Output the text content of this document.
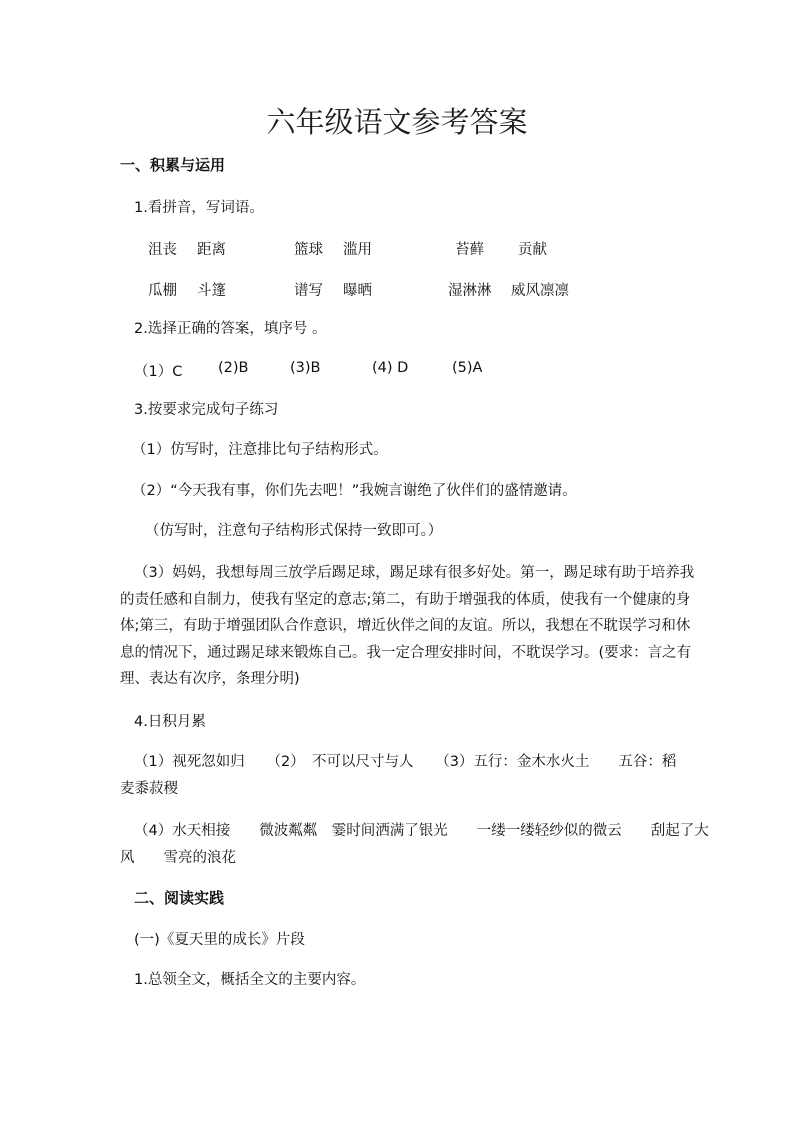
六年级语文参考答案
一、积累与运用
1.看拼音，写词语。
沮丧 距离	篮球 滥用	苔藓 贡献
瓜棚 斗篷	谱写 曝晒	湿淋淋 威风凛凛
2.选择正确的答案，填序号 。
（1）C (2)B	(3)B	(4) D	(5)A
3.按要求完成句子练习
（1）仿写时，注意排比句子结构形式。
（2）“今天我有事，你们先去吧！”我婉言谢绝了伙伴们的盛情邀请。
（仿写时，注意句子结构形式保持一致即可。）
（3）妈妈，我想每周三放学后踢足球，踢足球有很多好处。第一，踢足球有助于培养我
的责任感和自制力，使我有坚定的意志;第二，有助于增强我的体质，使我有一个健康的身
体;第三，有助于增强团队合作意识，增近伙伴之间的友谊。所以，我想在不耽误学习和休
息的情况下，通过踢足球来锻炼自己。我一定合理安排时间，不耽误学习。(要求：言之有
理、表达有次序，条理分明)
4.日积月累
（1）视死忽如归　　（2）　不可以尺寸与人　　（3）五行：金木水火土　　五谷：稻
麦黍菽稷
（4）水天相接　　微波粼粼　霎时间洒满了银光　　一缕一缕轻纱似的微云　　刮起了大
风　　雪亮的浪花
二、阅读实践
(一)《夏天里的成长》片段
1.总领全文，概括全文的主要内容。
